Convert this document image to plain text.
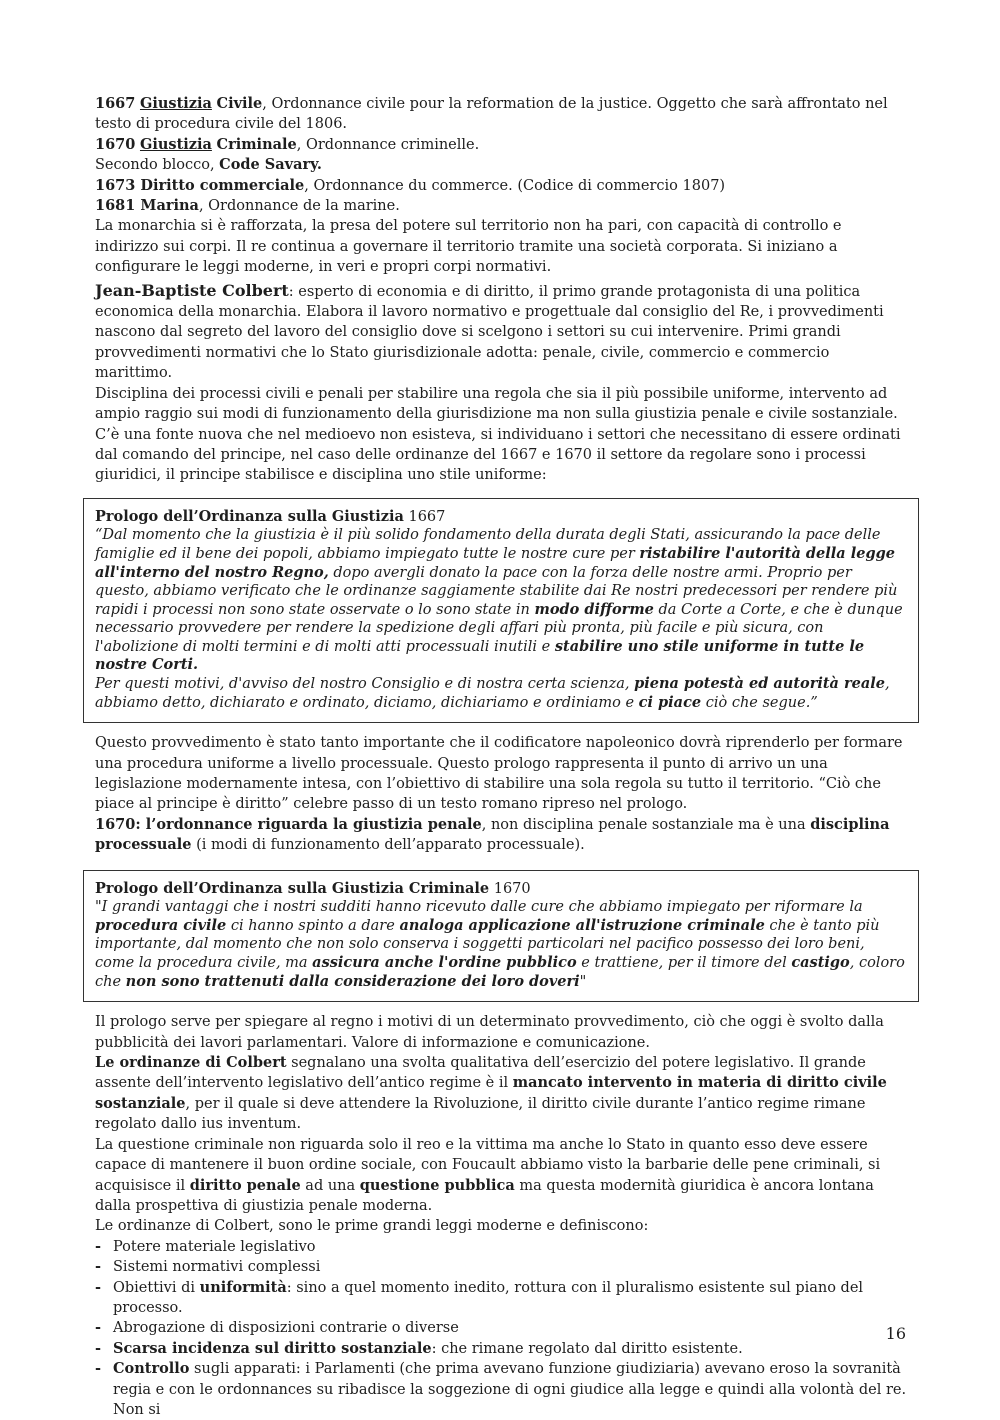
1667 Giustizia Civile, Ordonnance civile pour la reformation de la justice. Oggetto che sarà affrontato nel testo di procedura civile del 1806.

1670 Giustizia Criminale, Ordonnance criminelle.

Secondo blocco, Code Savary.

1673 Diritto commerciale, Ordonnance du commerce. (Codice di commercio 1807)

1681 Marina, Ordonnance de la marine.

La monarchia si è rafforzata, la presa del potere sul territorio non ha pari, con capacità di controllo e indirizzo sui corpi. Il re continua a governare il territorio tramite una società corporata. Si iniziano a configurare le leggi moderne, in veri e propri corpi normativi.

Jean-Baptiste Colbert: esperto di economia e di diritto, il primo grande protagonista di una politica economica della monarchia. Elabora il lavoro normativo e progettuale dal consiglio del Re, i provvedimenti nascono dal segreto del lavoro del consiglio dove si scelgono i settori su cui intervenire. Primi grandi provvedimenti normativi che lo Stato giurisdizionale adotta: penale, civile, commercio e commercio marittimo.

Disciplina dei processi civili e penali per stabilire una regola che sia il più possibile uniforme, intervento ad ampio raggio sui modi di funzionamento della giurisdizione ma non sulla giustizia penale e civile sostanziale. C’è una fonte nuova che nel medioevo non esisteva, si individuano i settori che necessitano di essere ordinati dal comando del principe, nel caso delle ordinanze del 1667 e 1670 il settore da regolare sono i processi giuridici, il principe stabilisce e disciplina uno stile uniforme:

Prologo dell’Ordinanza sulla Giustizia 1667

“Dal momento che la giustizia è il più solido fondamento della durata degli Stati, assicurando la pace delle famiglie ed il bene dei popoli, abbiamo impiegato tutte le nostre cure per ristabilire l'autorità della legge all'interno del nostro Regno, dopo avergli donato la pace con la forza delle nostre armi. Proprio per questo, abbiamo verificato che le ordinanze saggiamente stabilite dai Re nostri predecessori per rendere più rapidi i processi non sono state osservate o lo sono state in modo difforme da Corte a Corte, e che è dunque necessario provvedere per rendere la spedizione degli affari più pronta, più facile e più sicura, con l'abolizione di molti termini e di molti atti processuali inutili e stabilire uno stile uniforme in tutte le nostre Corti.

Per questi motivi, d'avviso del nostro Consiglio e di nostra certa scienza, piena potestà ed autorità reale, abbiamo detto, dichiarato e ordinato, diciamo, dichiariamo e ordiniamo e ci piace ciò che segue.”

Questo provvedimento è stato tanto importante che il codificatore napoleonico dovrà riprenderlo per formare una procedura uniforme a livello processuale. Questo prologo rappresenta il punto di arrivo un una legislazione modernamente intesa, con l’obiettivo di stabilire una sola regola su tutto il territorio. “Ciò che piace al principe è diritto” celebre passo di un testo romano ripreso nel prologo.

1670: l’ordonnance riguarda la giustizia penale, non disciplina penale sostanziale ma è una disciplina processuale (i modi di funzionamento dell’apparato processuale).

Prologo dell’Ordinanza sulla Giustizia Criminale 1670

"I grandi vantaggi che i nostri sudditi hanno ricevuto dalle cure che abbiamo impiegato per riformare la procedura civile ci hanno spinto a dare analoga applicazione all'istruzione criminale che è tanto più importante, dal momento che non solo conserva i soggetti particolari nel pacifico possesso dei loro beni, come la procedura civile, ma assicura anche l'ordine pubblico e trattiene, per il timore del castigo, coloro che non sono trattenuti dalla considerazione dei loro doveri"

Il prologo serve per spiegare al regno i motivi di un determinato provvedimento, ciò che oggi è svolto dalla pubblicità dei lavori parlamentari. Valore di informazione e comunicazione.

Le ordinanze di Colbert segnalano una svolta qualitativa dell’esercizio del potere legislativo. Il grande assente dell’intervento legislativo dell’antico regime è il mancato intervento in materia di diritto civile sostanziale, per il quale si deve attendere la Rivoluzione, il diritto civile durante l’antico regime rimane regolato dallo ius inventum.

La questione criminale non riguarda solo il reo e la vittima ma anche lo Stato in quanto esso deve essere capace di mantenere il buon ordine sociale, con Foucault abbiamo visto la barbarie delle pene criminali, si acquisisce il diritto penale ad una questione pubblica ma questa modernità giuridica è ancora lontana dalla prospettiva di giustizia penale moderna.

Le ordinanze di Colbert, sono le prime grandi leggi moderne e definiscono:

- Potere materiale legislativo
- Sistemi normativi complessi
- Obiettivi di uniformità: sino a quel momento inedito, rottura con il pluralismo esistente sul piano del processo.
- Abrogazione di disposizioni contrarie o diverse
- Scarsa incidenza sul diritto sostanziale: che rimane regolato dal diritto esistente.
- Controllo sugli apparati: i Parlamenti (che prima avevano funzione giudiziaria) avevano eroso la sovranità regia e con le ordonnances su ribadisce la soggezione di ogni giudice alla legge e quindi alla volontà del re. Non si
16
